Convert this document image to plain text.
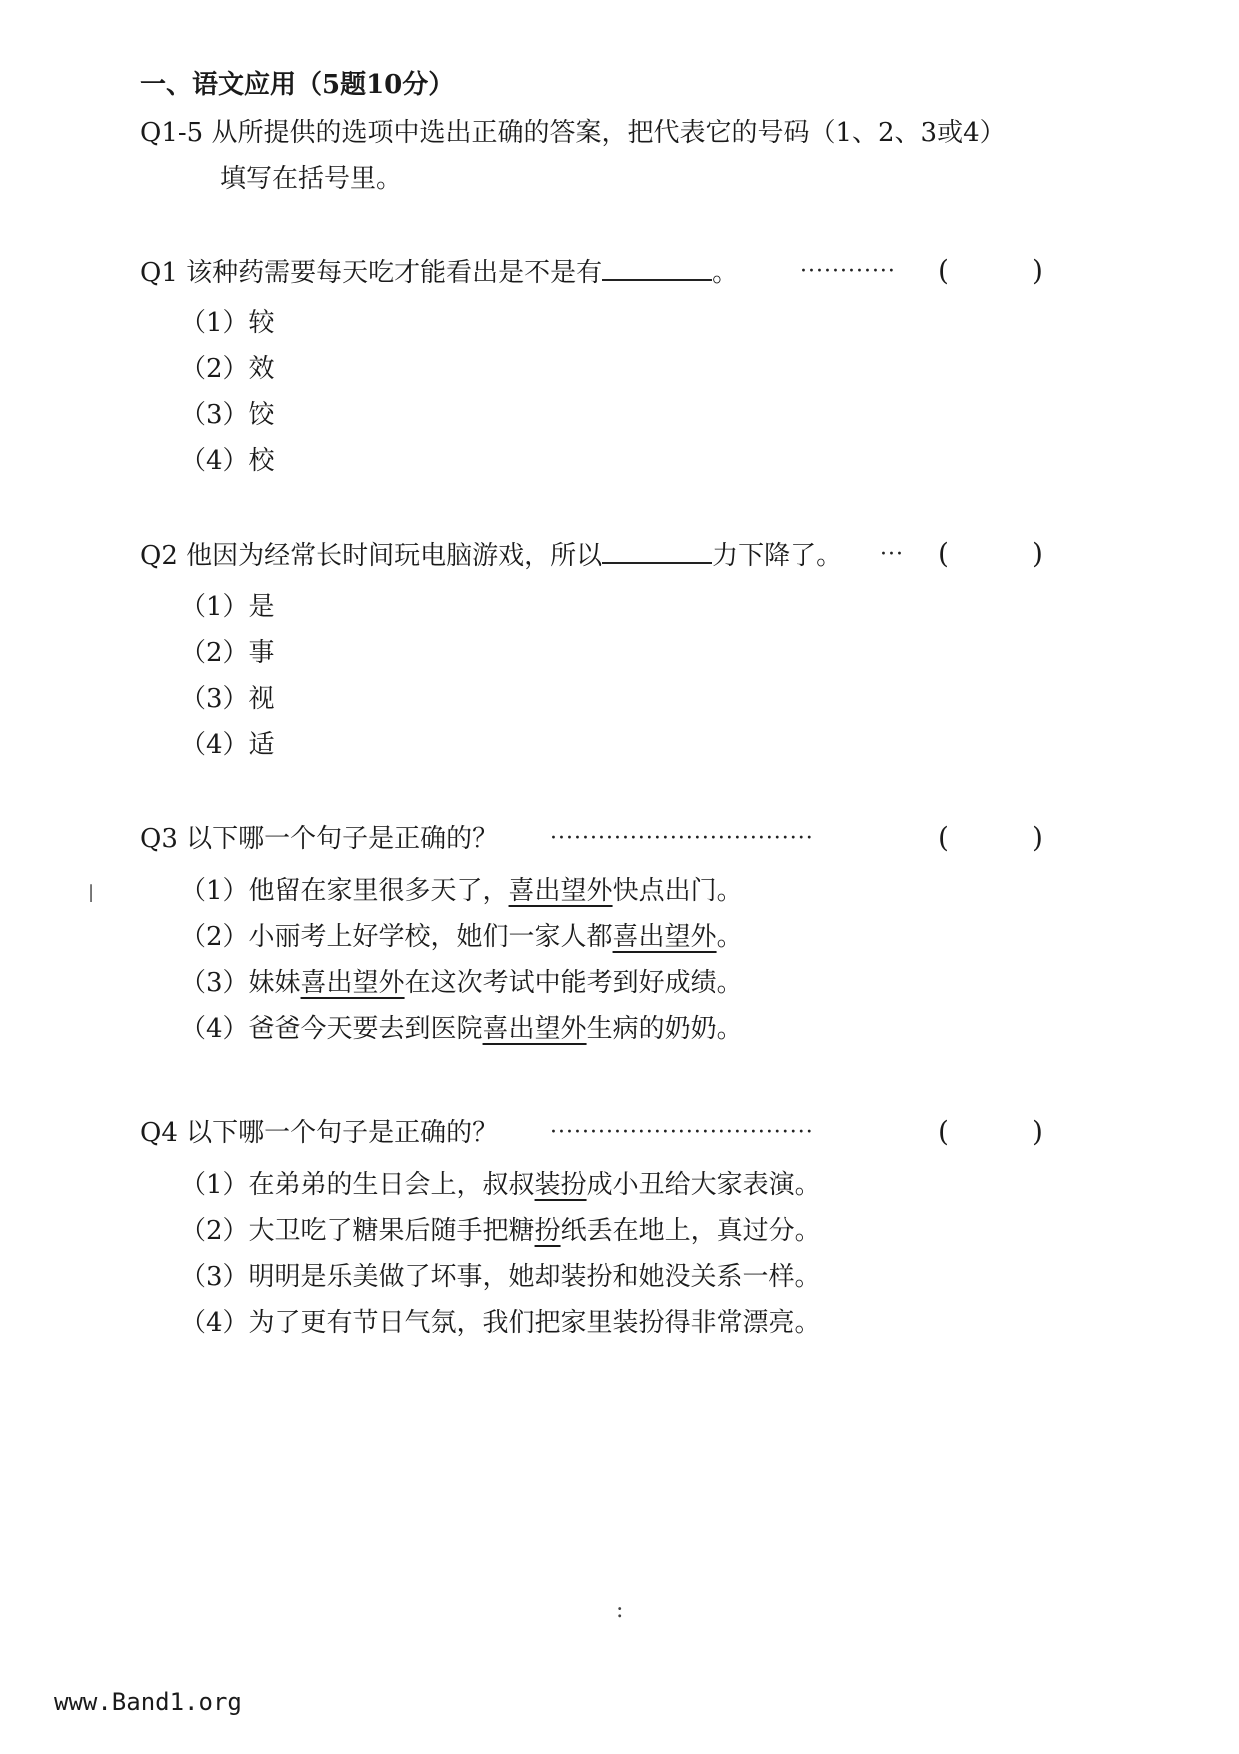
一、语文应用（5题10分）
Q1-5 从所提供的选项中选出正确的答案，把代表它的号码（1、2、3或4）
填写在括号里。
Q1 该种药需要每天吃才能看出是不是有	。	············ (	)
（1）较
（2）效
（3）饺
（4）校
Q2 他因为经常长时间玩电脑游戏，所以	力下降了。 ··· (	)
（1）是
（2）事
（3）视
（4）适
Q3 以下哪一个句子是正确的？ ·································	(	)
|	（1）他留在家里很多天了，喜出望外快点出门。
（2）小丽考上好学校，她们一家人都喜出望外。
（3）妹妹喜出望外在这次考试中能考到好成绩。
（4）爸爸今天要去到医院喜出望外生病的奶奶。
Q4 以下哪一个句子是正确的？ ·································	(	)
（1）在弟弟的生日会上，叔叔装扮成小丑给大家表演。
（2）大卫吃了糖果后随手把糖扮纸丢在地上，真过分。
（3）明明是乐美做了坏事，她却装扮和她没关系一样。
（4）为了更有节日气氛，我们把家里装扮得非常漂亮。
:
www.Band1.org
